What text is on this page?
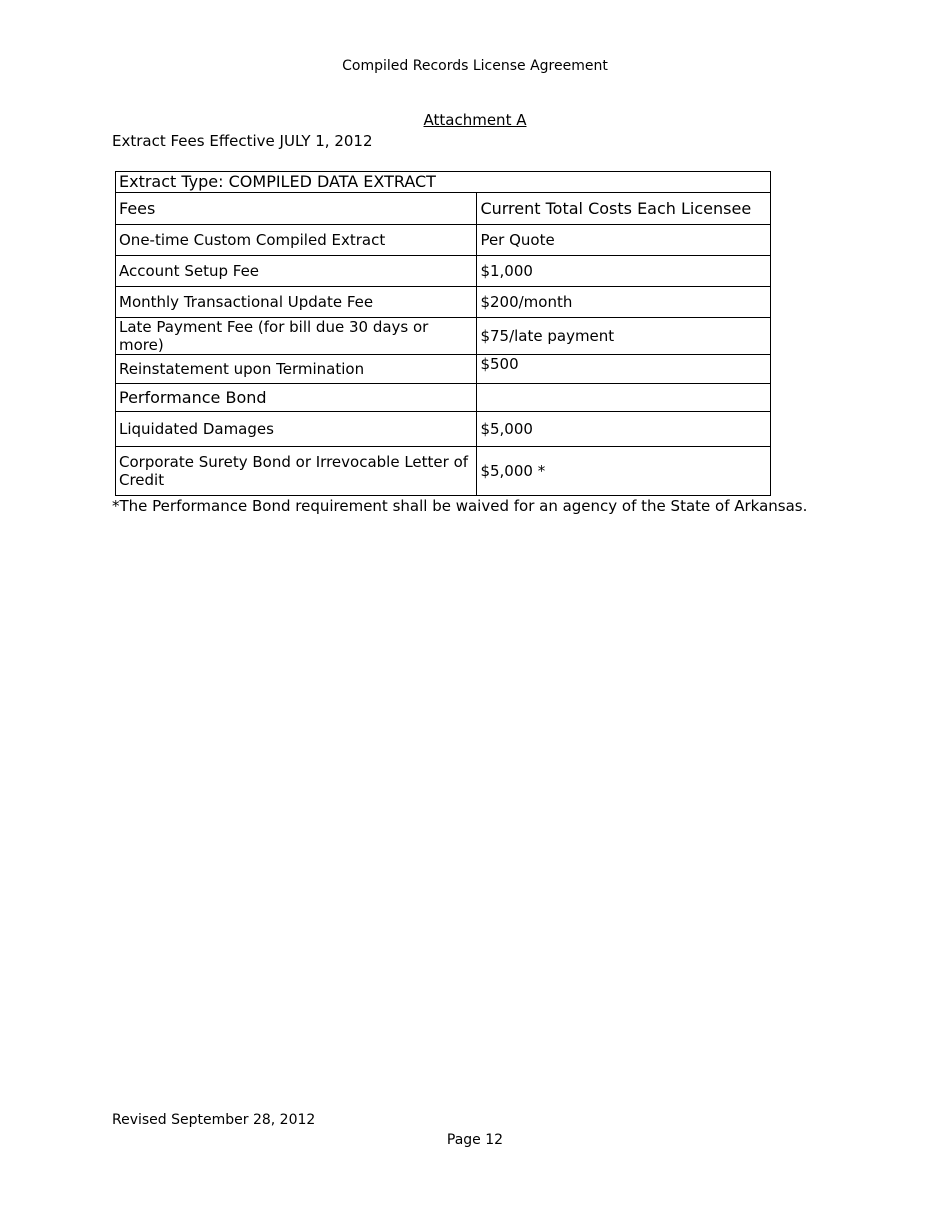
Compiled Records License Agreement
Attachment A
Extract Fees Effective JULY 1, 2012
Extract Type: COMPILED DATA EXTRACT	
Fees	Current Total Costs Each Licensee
One-time Custom Compiled Extract	Per Quote
Account Setup Fee	$1,000
Monthly Transactional Update Fee	$200/month
Late Payment Fee (for bill due 30 days or more)	$75/late payment
Reinstatement upon Termination	$500
Performance Bond	
Liquidated Damages	$5,000
Corporate Surety Bond or Irrevocable Letter of Credit	$5,000 *
*The Performance Bond requirement shall be waived for an agency of the State of Arkansas.
Revised September 28, 2012
Page 12
